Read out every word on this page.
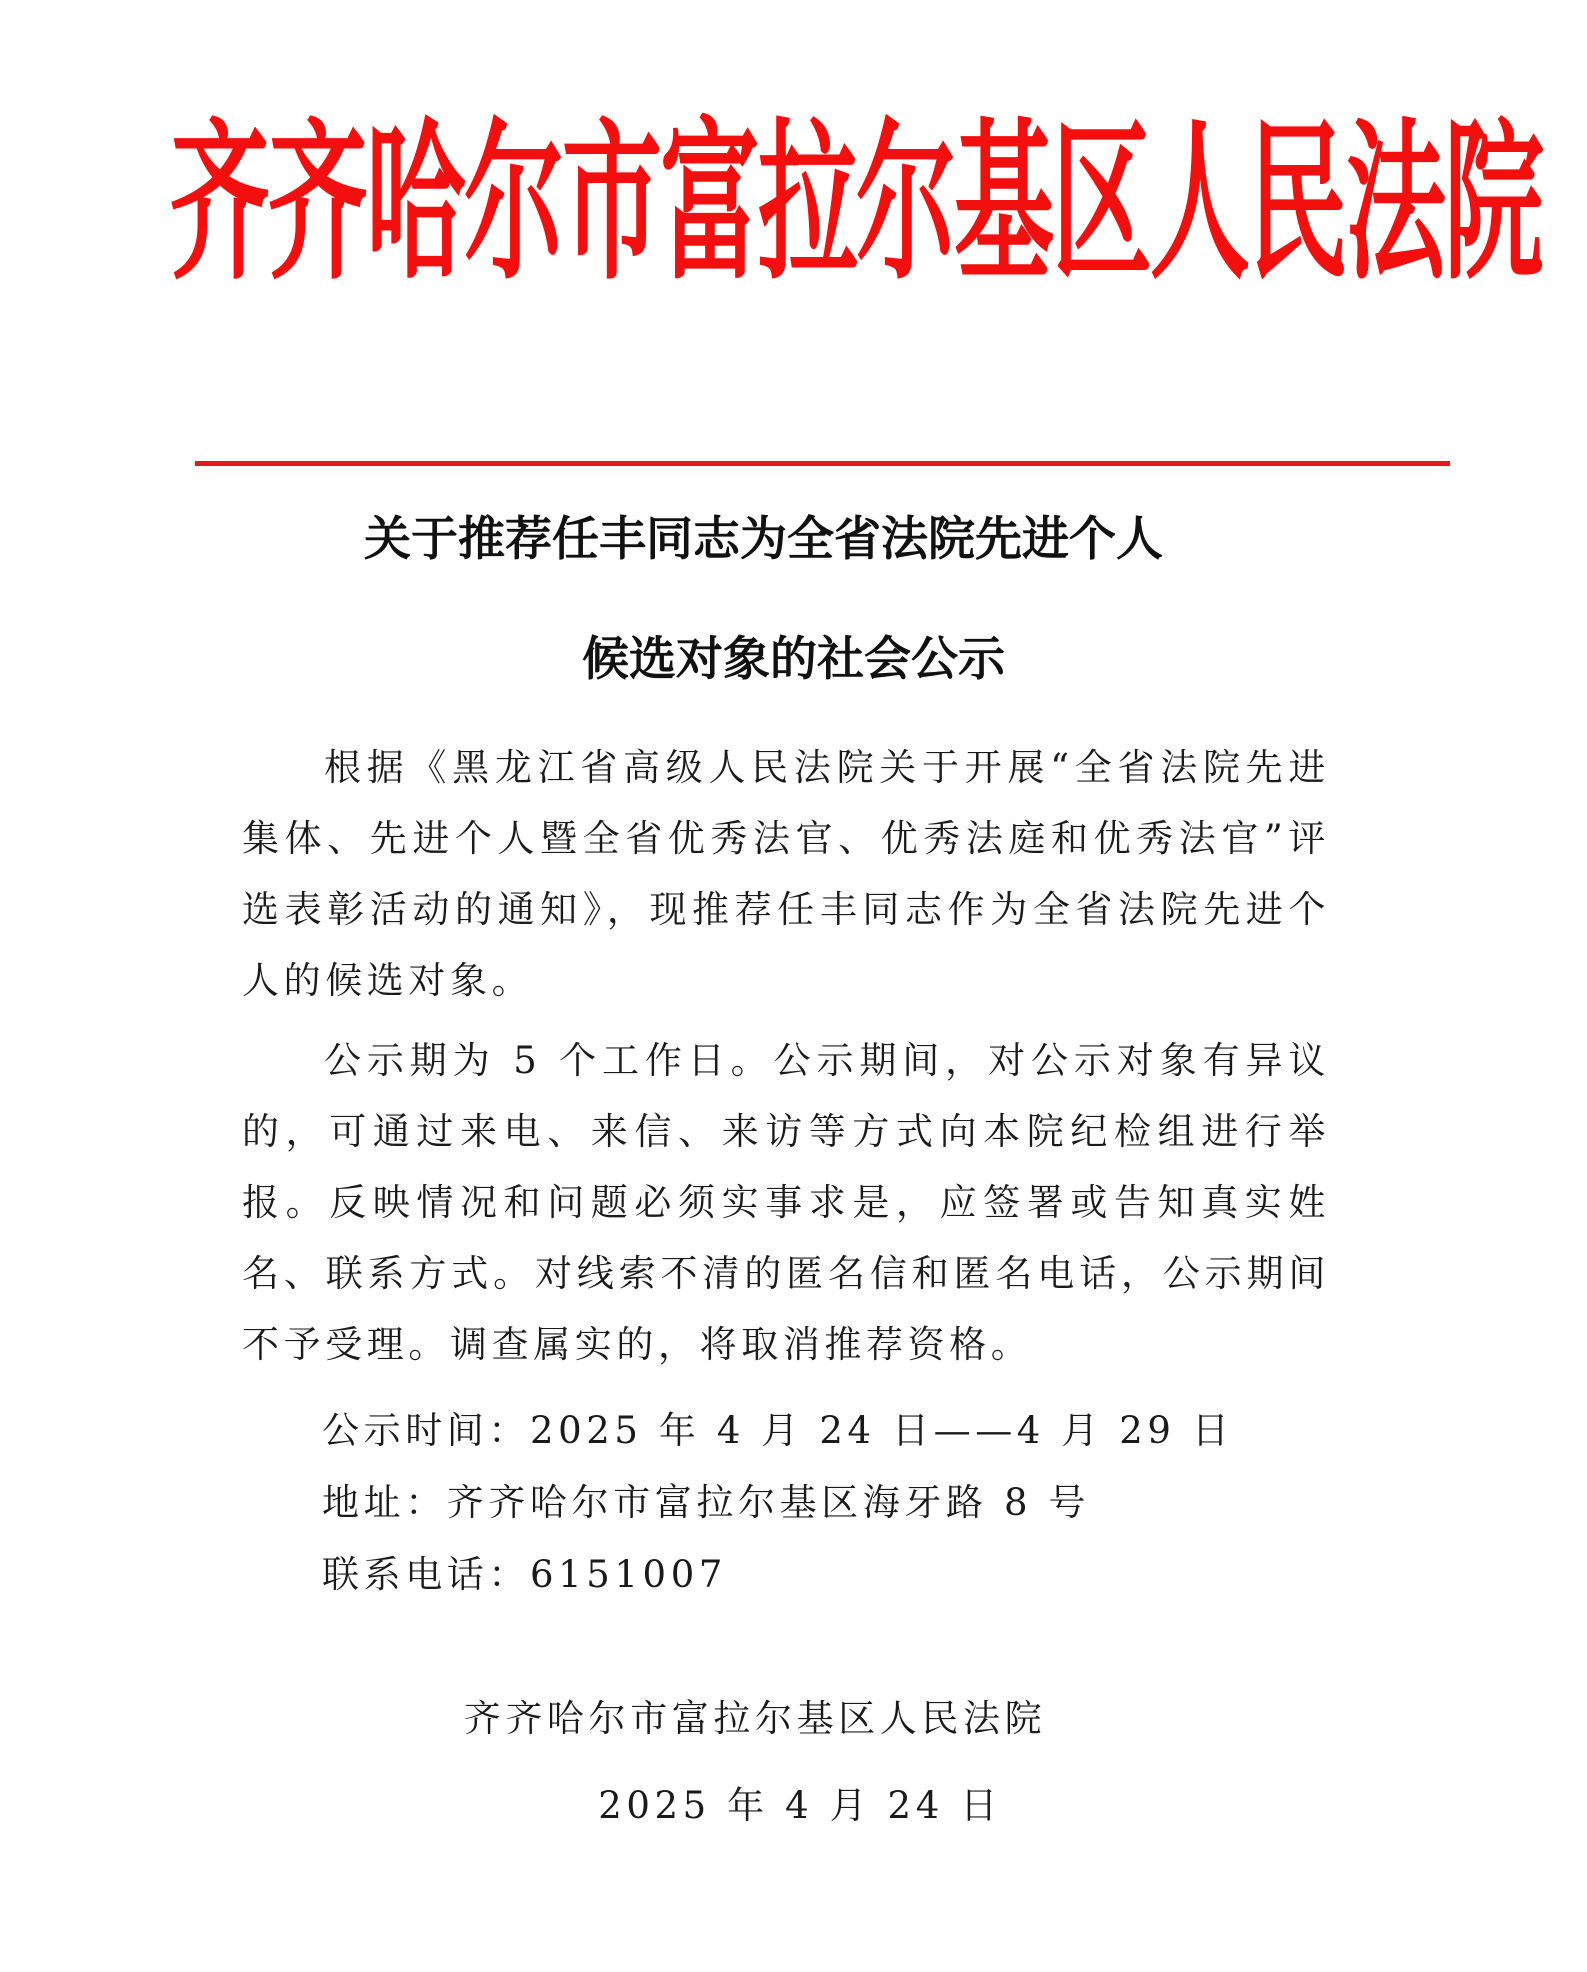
齐齐哈尔市富拉尔基区人民法院
关于推荐任丰同志为全省法院先进个人
候选对象的社会公示
根据《黑龙江省高级人民法院关于开展“全省法院先进集体、先进个人暨全省优秀法官、优秀法庭和优秀法官”评选表彰活动的通知》，现推荐任丰同志作为全省法院先进个人的候选对象。
公示期为 5 个工作日。公示期间，对公示对象有异议的，可通过来电、来信、来访等方式向本院纪检组进行举报。反映情况和问题必须实事求是，应签署或告知真实姓名、联系方式。对线索不清的匿名信和匿名电话，公示期间不予受理。调查属实的，将取消推荐资格。
公示时间：2025 年 4 月 24 日——4 月 29 日
地址：齐齐哈尔市富拉尔基区海牙路 8 号
联系电话：6151007
齐齐哈尔市富拉尔基区人民法院
2025 年 4 月 24 日
